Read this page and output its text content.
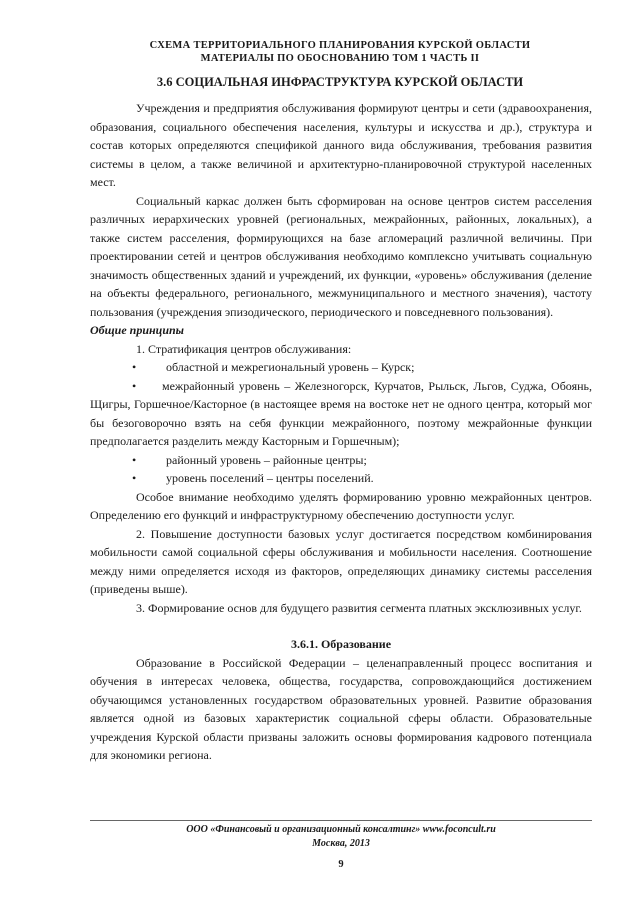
СХЕМА ТЕРРИТОРИАЛЬНОГО ПЛАНИРОВАНИЯ КУРСКОЙ ОБЛАСТИ
МАТЕРИАЛЫ ПО ОБОСНОВАНИЮ ТОМ 1 ЧАСТЬ II
3.6 СОЦИАЛЬНАЯ ИНФРАСТРУКТУРА КУРСКОЙ ОБЛАСТИ

Учреждения и предприятия обслуживания формируют центры и сети (здравоохранения, образования, социального обеспечения населения, культуры и искусства и др.), структура и состав которых определяются спецификой данного вида обслуживания, требования развития системы в целом, а также величиной и архитектурно-планировочной структурой населенных мест.

Социальный каркас должен быть сформирован на основе центров систем расселения различных иерархических уровней (региональных, межрайонных, районных, локальных), а также систем расселения, формирующихся на базе агломераций различной величины. При проектировании сетей и центров обслуживания необходимо комплексно учитывать социальную значимость общественных зданий и учреждений, их функции, «уровень» обслуживания (деление на объекты федерального, регионального, межмуниципального и местного значения), частоту пользования (учреждения эпизодического, периодического и повседневного пользования).

Общие принципы

1. Стратификация центров обслуживания:

•	областной и межрегиональный уровень – Курск;

• межрайонный уровень – Железногорск, Курчатов, Рыльск, Льгов, Суджа, Обоянь, Щигры, Горшечное/Касторное (в настоящее время на востоке нет не одного центра, который мог бы безоговорочно взять на себя функции межрайонного, поэтому межрайонные функции предполагается разделить между Касторным и Горшечным);

•	районный уровень – районные центры;
•	уровень поселений – центры поселений.

Особое внимание необходимо уделять формированию уровню межрайонных центров. Определению его функций и инфраструктурному обеспечению доступности услуг.

2. Повышение доступности базовых услуг достигается посредством комбинирования мобильности самой социальной сферы обслуживания и мобильности населения. Соотношение между ними определяется исходя из факторов, определяющих динамику системы расселения (приведены выше).

3. Формирование основ для будущего развития сегмента платных эксклюзивных услуг.

3.6.1. Образование

Образование в Российской Федерации – целенаправленный процесс воспитания и обучения в интересах человека, общества, государства, сопровождающийся достижением обучающимся установленных государством образовательных уровней. Развитие образования является одной из базовых характеристик социальной сферы области. Образовательные учреждения Курской области призваны заложить основы формирования кадрового потенциала для экономики региона.

ООО «Финансовый и организационный консалтинг» www.foconcult.ru
Москва, 2013
9
